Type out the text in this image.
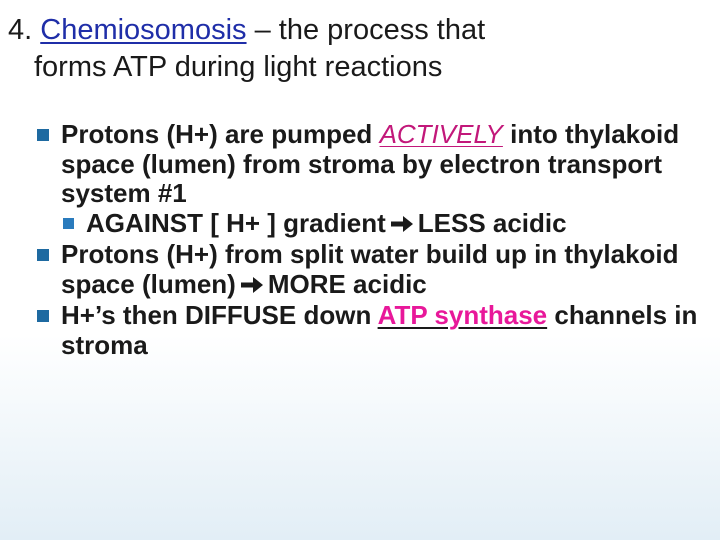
4. Chemiosomosis – the process that
forms ATP during light reactions
Protons (H+) are pumped ACTIVELY into thylakoid space (lumen) from stroma by electron transport system #1
AGAINST [ H+ ] gradient LESS acidic
Protons (H+) from split water build up in thylakoid space (lumen) MORE acidic
H+’s then DIFFUSE down ATP synthase channels in stroma
